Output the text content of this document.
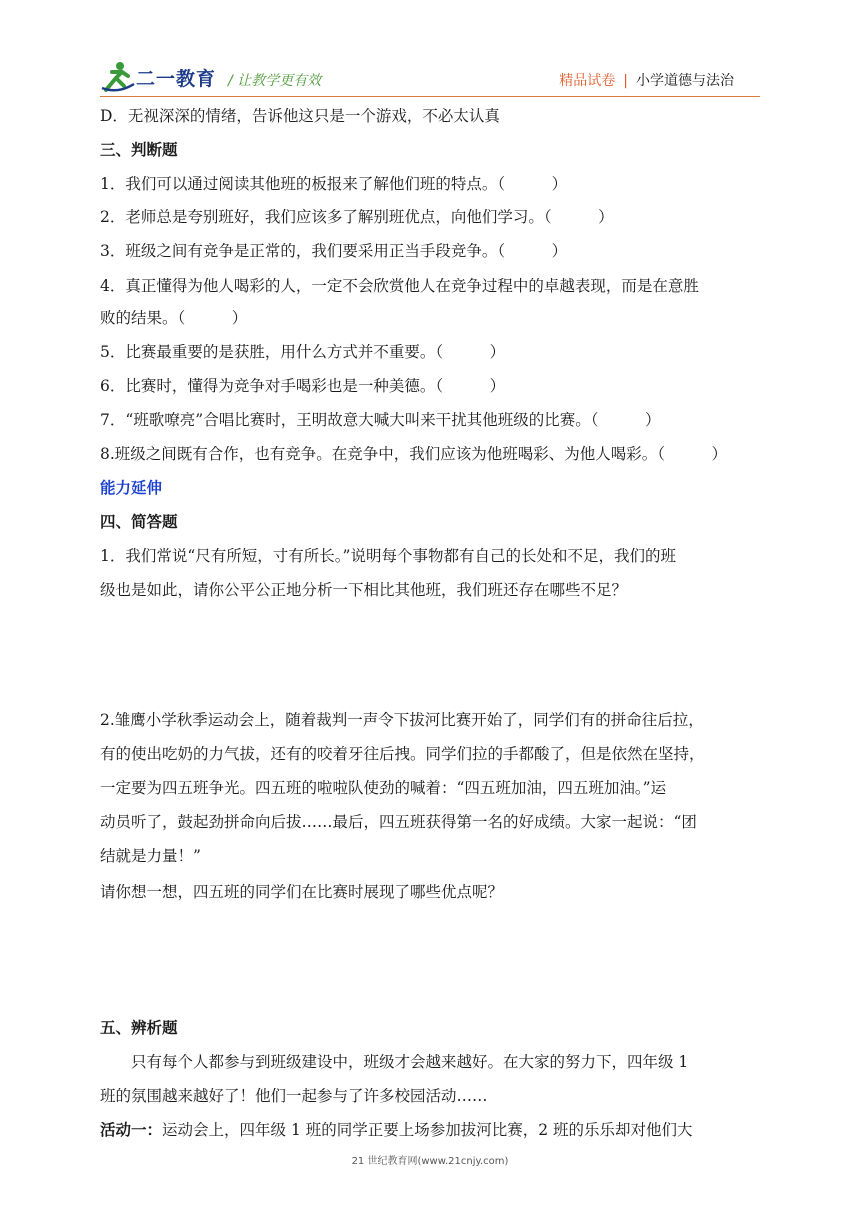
二一教育 / 让教学更有效	精品试卷 | 小学道德与法治
D．无视深深的情绪，告诉他这只是一个游戏，不必太认真
三、判断题
1．我们可以通过阅读其他班的板报来了解他们班的特点。（　　　）
2．老师总是夸别班好，我们应该多了解别班优点，向他们学习。（　　　）
3．班级之间有竞争是正常的，我们要采用正当手段竞争。（　　　）
4．真正懂得为他人喝彩的人，一定不会欣赏他人在竞争过程中的卓越表现，而是在意胜
败的结果。（　　　）
5．比赛最重要的是获胜，用什么方式并不重要。（　　　）
6．比赛时，懂得为竞争对手喝彩也是一种美德。（　　　）
7．“班歌嘹亮”合唱比赛时，王明故意大喊大叫来干扰其他班级的比赛。（　　　）
8.班级之间既有合作，也有竞争。在竞争中，我们应该为他班喝彩、为他人喝彩。（　　　）
能力延伸
四、简答题
1．我们常说“尺有所短，寸有所长。”说明每个事物都有自己的长处和不足，我们的班
级也是如此，请你公平公正地分析一下相比其他班，我们班还存在哪些不足？
2.雏鹰小学秋季运动会上，随着裁判一声令下拔河比赛开始了，同学们有的拼命往后拉，
有的使出吃奶的力气拔，还有的咬着牙往后拽。同学们拉的手都酸了，但是依然在坚持，
一定要为四五班争光。四五班的啦啦队使劲的喊着：“四五班加油，四五班加油。”运
动员听了，鼓起劲拼命向后拔……最后，四五班获得第一名的好成绩。大家一起说：“团
结就是力量！”
请你想一想，四五班的同学们在比赛时展现了哪些优点呢？
五、辨析题
　　只有每个人都参与到班级建设中，班级才会越来越好。在大家的努力下，四年级 1
班的氛围越来越好了！他们一起参与了许多校园活动……
活动一：运动会上，四年级 1 班的同学正要上场参加拔河比赛，2 班的乐乐却对他们大
21 世纪教育网(www.21cnjy.com)
